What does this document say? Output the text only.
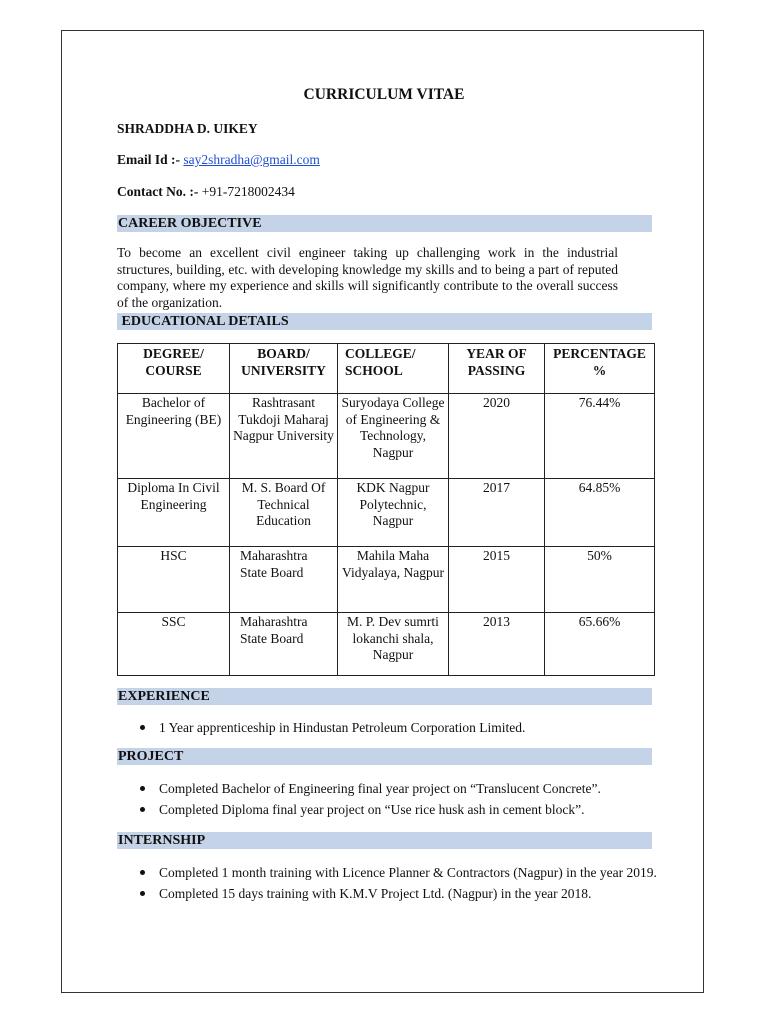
CURRICULUM VITAE
SHRADDHA D. UIKEY
Email Id :- say2shradha@gmail.com
Contact No. :- +91-7218002434
CAREER OBJECTIVE
To become an excellent civil engineer taking up challenging work in the industrial structures, building, etc. with developing knowledge my skills and to being a part of reputed company, where my experience and skills will significantly contribute to the overall success of the organization.
EDUCATIONAL DETAILS
DEGREE/ COURSE	BOARD/ UNIVERSITY	COLLEGE/ SCHOOL	YEAR OF PASSING	PERCENTAGE %
Bachelor of Engineering (BE)	Rashtrasant Tukdoji Maharaj Nagpur University	Suryodaya College of Engineering & Technology, Nagpur	2020	76.44%
Diploma In Civil Engineering	M. S. Board Of Technical Education	KDK Nagpur Polytechnic, Nagpur	2017	64.85%
HSC	Maharashtra State Board	Mahila Maha Vidyalaya, Nagpur	2015	50%
SSC	Maharashtra State Board	M. P. Dev sumrti lokanchi shala, Nagpur	2013	65.66%
EXPERIENCE
1 Year apprenticeship in Hindustan Petroleum Corporation Limited.
PROJECT
Completed Bachelor of Engineering final year project on “Translucent Concrete”.
Completed Diploma final year project on “Use rice husk ash in cement block”.
INTERNSHIP
Completed 1 month training with Licence Planner & Contractors (Nagpur) in the year 2019.
Completed 15 days training with K.M.V Project Ltd. (Nagpur) in the year 2018.
